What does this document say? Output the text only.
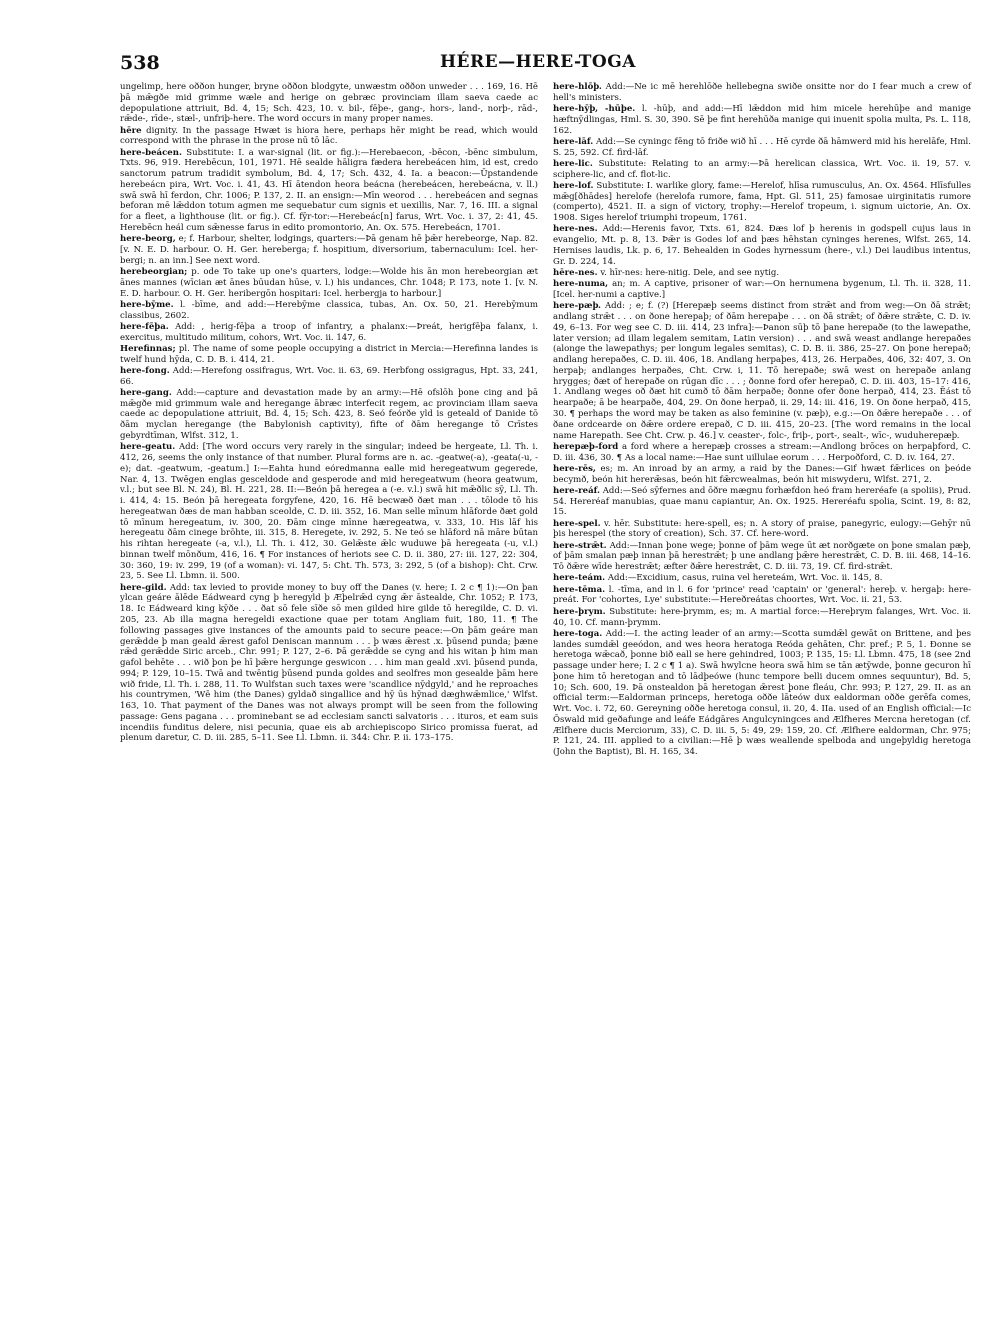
538	HÉRE—HERE-TOGA
ungelimp, here oððon hunger, bryne oððon blodgyte, unwæstm oððon unweder . . . 169, 16. Hē þā mǣgðe mid grimme wæle and herige on gebræc provinciam illam saeva caede ac depopulatione attriuit, Bd. 4, 15; Sch. 423, 10. v. bil-, fēþe-, gang-, hors-, land-, norþ-, rād-, rǣde-, rīde-, stæl-, unfriþ-here. The word occurs in many proper names.
hēre dignity. In the passage Hwæt is hiora here, perhaps hēr might be read, which would correspond with the phrase in the prose nū tō lāc.
here-beácen. Substitute: I. a war-signal (lit. or fig.):—Herebaecon, -bēcon, -bēnc simbulum, Txts. 96, 919. Herebēcun, 101, 1971. Hē sealde hāligra fædera herebeácen him, id est, credo sanctorum patrum tradidit symbolum, Bd. 4, 17; Sch. 432, 4. Ia. a beacon:—Ūpstandende herebeácn pira, Wrt. Voc. i. 41, 43. Hī ātendon heora beácna (herebeácen, herebeácna, v. ll.) swā swā hī ferdon, Chr. 1006; P. 137, 2. II. an ensign:—Mīn weorod . . . herebeácen and segnas beforan mē lǣddon totum agmen me sequebatur cum signis et uexillis, Nar. 7, 16. III. a signal for a fleet, a lighthouse (lit. or fig.). Cf. fȳr-tor:—Herebeác[n] farus, Wrt. Voc. i. 37, 2: 41, 45. Herebēcn heál cum sǣnesse farus in edito promontorio, An. Ox. 575. Herebeácn, 1701.
here-beorg, e; f. Harbour, shelter, lodgings, quarters:—Þā genam hē þǣr herebeorge, Nap. 82. [v. N. E. D. harbour. O. H. Ger. hereberga; f. hospitium, diversorium, tabernaculum: Icel. her-bergi; n. an inn.] See next word.
herebeorgian; p. ode To take up one's quarters, lodge:—Wolde his ān mon herebeorgian æt ānes mannes (wīcian æt ānes būudan hūse, v. l.) his undances, Chr. 1048; P. 173, note 1. [v. N. E. D. harbour. O. H. Ger. heribergōn hospitari: Icel. herbergja to harbour.]
here-bȳme. l. -bīme, and add:—Herebȳme classica, tubas, An. Ox. 50, 21. Herebȳmum classibus, 2602.
here-fēþa. Add: , herig-fēþa a troop of infantry, a phalanx:—Þreát, herigfēþa falanx, i. exercitus, multitudo militum, cohors, Wrt. Voc. ii. 147, 6.
Herefinnas; pl. The name of some people occupying a district in Mercia:—Herefinna landes is twelf hund hȳda, C. D. B. i. 414, 21.
here-fong. Add:—Herefong ossifragus, Wrt. Voc. ii. 63, 69. Herbfong ossigragus, Hpt. 33, 241, 66.
here-gang. Add:—capture and devastation made by an army:—Hē ofslōh þone cing and þā mǣgðe mid grimmum wale and heregange ābræc interfecit regem, ac provinciam illam saeva caede ac depopulatione attriuit, Bd. 4, 15; Sch. 423, 8. Seó feórðe yld is geteald of Danide tō ðām myclan heregange (the Babylonish captivity), fifte of ðām heregange tō Crīstes gebyrdtīman, Wlfst. 312, 1.
here-geatu. Add: [The word occurs very rarely in the singular; indeed be hergeate, Ll. Th. i. 412, 26, seems the only instance of that number. Plural forms are n. ac. -geatwe(-a), -geata(-u, -e); dat. -geatwum, -geatum.] I:—Eahta hund eóredmanna ealle mid heregeatwum gegerede, Nar. 4, 13. Twēgen englas gesceldode and gesperode and mid heregeatwum (heora geatwum, v.l.; but see Bl. N. 24), Bl. H. 221, 28. II:—Beón þā heregea a (-e. v.l.) swā hit mǣðlic sȳ, Ll. Th. i. 414, 4: 15. Beón þā heregeata forgyfene, 420, 16. Hē becwæð ðæt man . . . tōlode tō his heregeatwan ðæs de man habban sceolde, C. D. iii. 352, 16. Man selle mīnum hlāforde ðæt gold tō mīnum heregeatum, iv. 300, 20. Ðām cinge mīnne hæregeatwa, v. 333, 10. His lāf his heregeatu ðām cinege brōhte, iii. 315, 8. Heregete, iv. 292, 5. Ne teó se hlāford nā māre būtan his rihtan heregeate (-a, v.l.), Ll. Th. i. 412, 30. Gelǣste ǣlc wuduwe þā heregeata (-u, v.l.) binnan twelf mōnðum, 416, 16. ¶ For instances of heriots see C. D. ii. 380, 27: iii. 127, 22: 304, 30: 360, 19: iv. 299, 19 (of a woman): vi. 147, 5: Cht. Th. 573, 3: 292, 5 (of a bishop): Cht. Crw. 23, 5. See Ll. Lbmn. ii. 500.
here-gild. Add: tax levied to provide money to buy off the Danes (v. here; I. 2 c ¶ 1):—On þan ylcan geáre ālēde Eádweard cyng þ heregyld þ Æþelrǣd cyng ǣr āstealde, Chr. 1052; P. 173, 18. Ic Eádweard king kȳðe . . . ðat sō fele sīðe sō men gilded hire gilde tō heregilde, C. D. vi. 205, 23. Ab illa magna heregeldi exactione quae per totam Angliam fuit, 180, 11. ¶ The following passages give instances of the amounts paid to secure peace:—On þām geáre man gerǣdde þ man geald ǣrest gafol Deniscan mannum . . . þ wæs ǣrest .x. þūsend punda; þæne rǣd gerǣdde Siric arceb., Chr. 991; P. 127, 2–6. Þā gerǣdde se cyng and his witan þ him man gafol behēte . . . wið þon þe hī þǣre hergunge geswicon . . . him man geald .xvi. þūsend punda, 994; P. 129, 10–15. Twā and twēntig þūsend punda goldes and seolfres mon gesealde þām here wið fride, Ll. Th. i. 288, 11. To Wulfstan such taxes were 'scandlice nȳdgyld,' and he reproaches his countrymen, 'Wē him (the Danes) gyldað singallice and hȳ ūs hȳnad dæghwǣmlice,' Wlfst. 163, 10. That payment of the Danes was not always prompt will be seen from the following passage: Gens pagana . . . prominebant se ad ecclesiam sancti salvatoris . . . ituros, et eam suis incendiis funditus delere, nisi pecunia, quae eis ab archiepiscopo Sirico promissa fuerat, ad plenum daretur, C. D. iii. 285, 5–11. See Ll. Lbmn. ii. 344: Chr. P. ii. 173–175.
here-hlōþ. Add:—Ne ic mē herehlōðe hellebegna swiðe onsitte nor do I fear much a crew of hell's ministers.
here-hȳþ, -hūþe. l. -hūþ, and add:—Hī lǣddon mid him micele herehūþe and manige hæftnȳdlingas, Hml. S. 30, 390. Sē þe fint herehūða manige qui inuenit spolia multa, Ps. L. 118, 162.
here-lāf. Add:—Se cyningc fēng tō friðe wið hī . . . Hē cyrde ðā hāmwerd mid his herelāfe, Hml. S. 25, 592. Cf. fird-lāf.
here-lic. Substitute: Relating to an army:—Þā herelican classica, Wrt. Voc. ii. 19, 57. v. sciphere-lic, and cf. flot-lic.
here-lof. Substitute: I. warlike glory, fame:—Herelof, hlīsa rumusculus, An. Ox. 4564. Hlīsfulles mǣg[ðhādes] herelofe (herelofa rumore, fama, Hpt. Gl. 511, 25) famosae uirginitatis rumore (comperto), 4521. II. a sign of victory, trophy:—Herelof tropeum, i. signum uictorie, An. Ox. 1908. Siges herelof triumphi tropeum, 1761.
here-nes. Add:—Herenis favor, Txts. 61, 824. Ðæs lof þ herenis in godspell cujus laus in evangelio, Mt. p. 8, 13. Þǣr is Godes lof and þæs hēhstan cyninges herenes, Wlfst. 265, 14. Hernises laudis, Lk. p. 6, 17. Behealden in Godes hyrnessum (here-, v.l.) Dei laudibus intentus, Gr. D. 224, 14.
hēre-nes. v. hīr-nes: here-nitig. Dele, and see nytig.
here-numa, an; m. A captive, prisoner of war:—On hernumena bygenum, Ll. Th. ii. 328, 11. [Icel. her-numi a captive.]
here-pæþ. Add: ; e; f. (?) [Herepæþ seems distinct from strǣt and from weg:—On ðā strǣt; andlang strǣt . . . on ðone herepaþ; of ðām herepaþe . . . on ðā strǣt; of ðǣre strǣte, C. D. iv. 49, 6–13. For weg see C. D. iii. 414, 23 infra]:—Þanon sūþ tō þane herepaðe (to the lawepathe, later version; ad illam legalem semitam, Latin version) . . . and swā weast andlange herepaðes (alonge the lawepathys; per longum legales semitas), C. D. B. ii. 386, 25–27. On þone herepað; andlang herepaðes, C. D. iii. 406, 18. Andlang herpaþes, 413, 26. Herpaðes, 406, 32: 407, 3. On herpaþ; andlanges herpaðes, Cht. Crw. i, 11. Tō herepaðe; swā west on herepaðe anlang hrygges; ðæt of herepaðe on rūgan dīc . . . ; ðonne ford ofer herepað, C. D. iii. 403, 15–17: 416, 1. Andlang weges oð ðæt hit cumð tō ðām herpaðe; ðonne ofer ðone herpað, 414, 23. Ēást tō hearpaðe; ā be hearpaðe, 404, 29. On ðone herpað, ii. 29, 14: iii. 416, 19. On ðone herpað, 415, 30. ¶ perhaps the word may be taken as also feminine (v. pæþ), e.g.:—On ðǣre herepaðe . . . of ðane ordcearde on ðǣre ordere erepað, C D. iii. 415, 20–23. [The word remains in the local name Harepath. See Cht. Crw. p. 46.] v. ceaster-, folc-, friþ-, port-, sealt-, wīc-, wuduherepæþ.
herepæþ-ford a ford where a herepæþ crosses a stream:—Andlong brōces on herpaþford, C. D. iii. 436, 30. ¶ As a local name:—Hae sunt uillulae eorum . . . Herpoðford, C. D. iv. 164, 27.
here-rēs, es; m. An inroad by an army, a raid by the Danes:—Gif hwæt fǣrlices on þeóde becymð, beón hit hererǣsas, beón hit fǣrcwealmas, beón hit miswyderu, Wlfst. 271, 2.
here-reáf. Add:—Seó sȳfernes and ōðre mægnu forhæfdon heó fram hereréafe (a spoliis), Prud. 54. Hereréaf manubias, quae manu capiantur, An. Ox. 1925. Hereréafu spolia, Scint. 19, 8: 82, 15.
here-spel. v. hēr. Substitute: here-spell, es; n. A story of praise, panegyric, eulogy:—Gehȳr nū þis herespel (the story of creation), Sch. 37. Cf. here-word.
here-strǣt. Add:—Innan þone wege; þonne of þām wege ūt æt norðgæte on þone smalan pæþ, of þām smalan pæþ innan þā herestrǣt; þ une andlang þǣre herestrǣt, C. D. B. iii. 468, 14–16. Tō ðǣre wīde herestrǣt; æfter ðǣre herestrǣt, C. D. iii. 73, 19. Cf. fird-strǣt.
here-teám. Add:—Excidium, casus, ruina vel hereteám, Wrt. Voc. ii. 145, 8.
here-tēma. l. -tīma, and in l. 6 for 'prince' read 'captain' or 'general': hereþ. v. hergaþ: here-preát. For 'cohortes, Lye' substitute:—Hereðreátas choortes, Wrt. Voc. ii. 21, 53.
here-þrym. Substitute: here-þrymm, es; m. A martial force:—Hereþrym falanges, Wrt. Voc. ii. 40, 10. Cf. mann-þrymm.
here-toga. Add:—I. the acting leader of an army:—Scotta sumdǣl gewāt on Brittene, and þes landes sumdǣl geeódon, and wes heora heratoga Reóda gehāten, Chr. pref.; P. 5, 1. Ðonne se heretoga wǣcað, þonne bið eall se here gehindred, 1003; P. 135, 15: Ll. Lbmn. 475, 18 (see 2nd passage under here; I. 2 c ¶ 1 a). Swā hwylcne heora swā him se tān ætȳwde, þonne gecuron hī þone him tō heretogan and tō lādþeówe (hunc tempore belli ducem omnes sequuntur), Bd. 5, 10; Sch. 600, 19. Þā onstealdon þā heretogan ǣrest þone fleáu, Chr. 993; P. 127, 29. II. as an official term:—Ealdorman princeps, heretoga oððe lāteów dux ealdorman oððe gerēfa comes, Wrt. Voc. i. 72, 60. Gereyning oððe heretoga consul, ii. 20, 4. IIa. used of an English official:—Ic Ōswald mid geðafunge and leáfe Eádgāres Angulcyningces and Ælfheres Mercna heretogan (cf. Ælfhere ducis Merciorum, 33), C. D. iii. 5, 5: 49, 29: 159, 20. Cf. Ælfhere ealdorman, Chr. 975; P. 121, 24. III. applied to a civilian:—Hē þ wæs weallende spelboda and ungeþyldig heretoga (John the Baptist), Bl. H. 165, 34.
